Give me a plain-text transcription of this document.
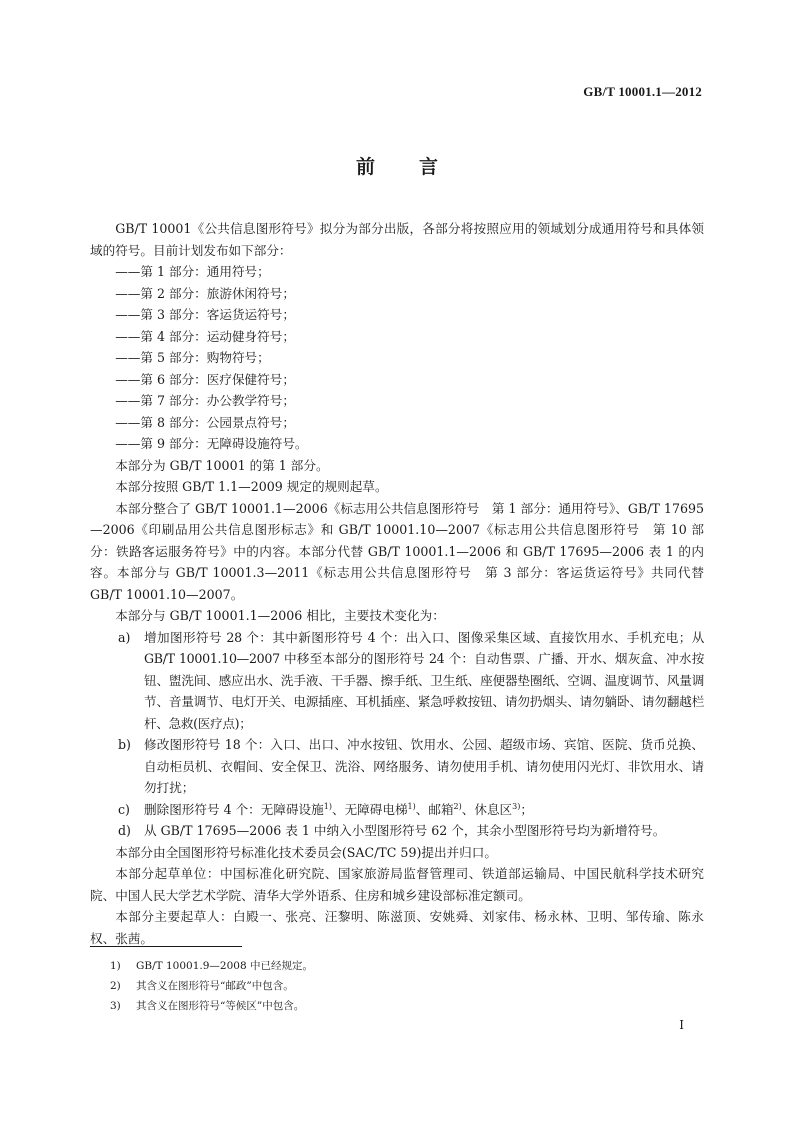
GB/T 10001.1—2012
前言

GB/T 10001《公共信息图形符号》拟分为部分出版，各部分将按照应用的领域划分成通用符号和具体领域的符号。目前计划发布如下部分：

——第 1 部分：通用符号；
——第 2 部分：旅游休闲符号；
——第 3 部分：客运货运符号；
——第 4 部分：运动健身符号；
——第 5 部分：购物符号；
——第 6 部分：医疗保健符号；
——第 7 部分：办公教学符号；
——第 8 部分：公园景点符号；
——第 9 部分：无障碍设施符号。

本部分为 GB/T 10001 的第 1 部分。

本部分按照 GB/T 1.1—2009 规定的规则起草。

本部分整合了 GB/T 10001.1—2006《标志用公共信息图形符号　第 1 部分：通用符号》、GB/T 17695—2006《印刷品用公共信息图形标志》和 GB/T 10001.10—2007《标志用公共信息图形符号　第 10 部分：铁路客运服务符号》中的内容。本部分代替 GB/T 10001.1—2006 和 GB/T 17695—2006 表 1 的内容。本部分与 GB/T 10001.3—2011《标志用公共信息图形符号　第 3 部分：客运货运符号》共同代替 GB/T 10001.10—2007。

本部分与 GB/T 10001.1—2006 相比，主要技术变化为：

a) 增加图形符号 28 个：其中新图形符号 4 个：出入口、图像采集区域、直接饮用水、手机充电；从 GB/T 10001.10—2007 中移至本部分的图形符号 24 个：自动售票、广播、开水、烟灰盒、冲水按钮、盥洗间、感应出水、洗手液、干手器、擦手纸、卫生纸、座便器垫圈纸、空调、温度调节、风量调节、音量调节、电灯开关、电源插座、耳机插座、紧急呼救按钮、请勿扔烟头、请勿躺卧、请勿翻越栏杆、急救(医疗点)；
b) 修改图形符号 18 个：入口、出口、冲水按钮、饮用水、公园、超级市场、宾馆、医院、货币兑换、自动柜员机、衣帽间、安全保卫、洗浴、网络服务、请勿使用手机、请勿使用闪光灯、非饮用水、请勿打扰；
c) 删除图形符号 4 个：无障碍设施$^{1)}$、无障碍电梯$^{1)}$、邮箱$^{2)}$、休息区$^{3)}$；
d) 从 GB/T 17695—2006 表 1 中纳入小型图形符号 62 个，其余小型图形符号均为新增符号。

本部分由全国图形符号标准化技术委员会(SAC/TC 59)提出并归口。

本部分起草单位：中国标准化研究院、国家旅游局监督管理司、铁道部运输局、中国民航科学技术研究院、中国人民大学艺术学院、清华大学外语系、住房和城乡建设部标准定额司。

本部分主要起草人：白殿一、张亮、汪黎明、陈滋顶、安姚舜、刘家伟、杨永林、卫明、邹传瑜、陈永权、张茜。

1) GB/T 10001.9—2008 中已经规定。
2) 其含义在图形符号“邮政”中包含。
3) 其含义在图形符号“等候区”中包含。
I
